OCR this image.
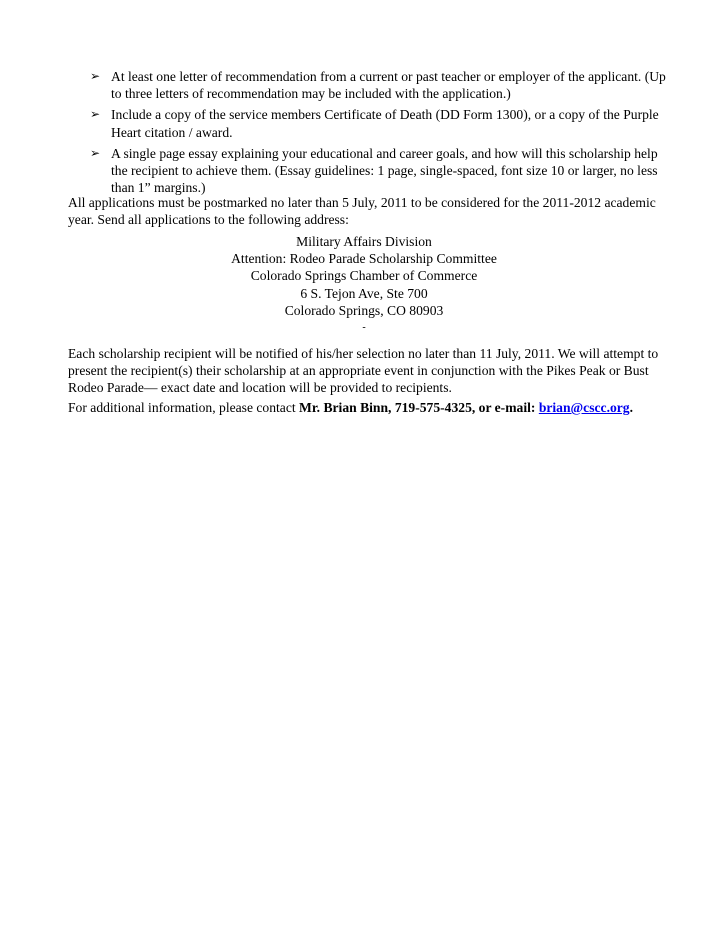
➢ At least one letter of recommendation from a current or past teacher or employer of the applicant. (Up to three letters of recommendation may be included with the application.)
➢ Include a copy of the service members Certificate of Death (DD Form 1300), or a copy of the Purple Heart citation / award.
➢ A single page essay explaining your educational and career goals, and how will this scholarship help the recipient to achieve them. (Essay guidelines: 1 page, single-spaced, font size 10 or larger, no less than 1” margins.)

All applications must be postmarked no later than 5 July, 2011 to be considered for the 2011-2012 academic year. Send all applications to the following address:

Military Affairs Division
Attention: Rodeo Parade Scholarship Committee
Colorado Springs Chamber of Commerce
6 S. Tejon Ave, Ste 700
Colorado Springs, CO 80903
-

Each scholarship recipient will be notified of his/her selection no later than 11 July, 2011. We will attempt to present the recipient(s) their scholarship at an appropriate event in conjunction with the Pikes Peak or Bust Rodeo Parade— exact date and location will be provided to recipients.

For additional information, please contact Mr. Brian Binn, 719-575-4325, or e-mail: brian@cscc.org.
